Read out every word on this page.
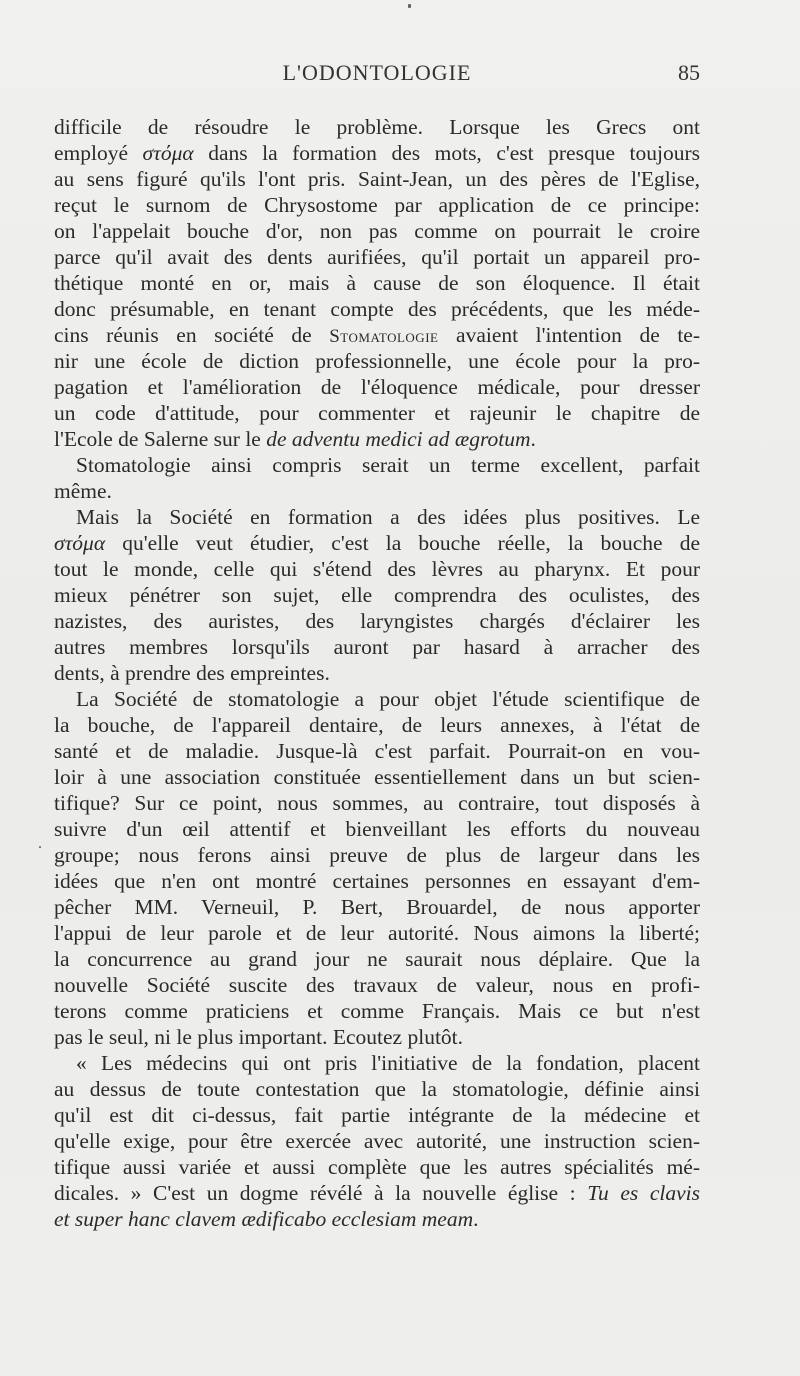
L'ODONTOLOGIE	85
.
difficile de résoudre le problème. Lorsque les Grecs ont
employé στόμα dans la formation des mots, c'est presque toujours
au sens figuré qu'ils l'ont pris. Saint-Jean, un des pères de l'Eglise,
reçut le surnom de Chrysostome par application de ce principe:
on l'appelait bouche d'or, non pas comme on pourrait le croire
parce qu'il avait des dents aurifiées, qu'il portait un appareil pro-
thétique monté en or, mais à cause de son éloquence. Il était
donc présumable, en tenant compte des précédents, que les méde-
cins réunis en société de Stomatologie avaient l'intention de te-
nir une école de diction professionnelle, une école pour la pro-
pagation et l'amélioration de l'éloquence médicale, pour dresser
un code d'attitude, pour commenter et rajeunir le chapitre de
l'Ecole de Salerne sur le de adventu medici ad ægrotum.
Stomatologie ainsi compris serait un terme excellent, parfait
même.
Mais la Société en formation a des idées plus positives. Le
στόμα qu'elle veut étudier, c'est la bouche réelle, la bouche de
tout le monde, celle qui s'étend des lèvres au pharynx. Et pour
mieux pénétrer son sujet, elle comprendra des oculistes, des
nazistes, des auristes, des laryngistes chargés d'éclairer les
autres membres lorsqu'ils auront par hasard à arracher des
dents, à prendre des empreintes.
La Société de stomatologie a pour objet l'étude scientifique de
la bouche, de l'appareil dentaire, de leurs annexes, à l'état de
santé et de maladie. Jusque-là c'est parfait. Pourrait-on en vou-
loir à une association constituée essentiellement dans un but scien-
tifique? Sur ce point, nous sommes, au contraire, tout disposés à
suivre d'un œil attentif et bienveillant les efforts du nouveau
groupe; nous ferons ainsi preuve de plus de largeur dans les
idées que n'en ont montré certaines personnes en essayant d'em-
pêcher MM. Verneuil, P. Bert, Brouardel, de nous apporter
l'appui de leur parole et de leur autorité. Nous aimons la liberté;
la concurrence au grand jour ne saurait nous déplaire. Que la
nouvelle Société suscite des travaux de valeur, nous en profi-
terons comme praticiens et comme Français. Mais ce but n'est
pas le seul, ni le plus important. Ecoutez plutôt.
« Les médecins qui ont pris l'initiative de la fondation, placent
au dessus de toute contestation que la stomatologie, définie ainsi
qu'il est dit ci-dessus, fait partie intégrante de la médecine et
qu'elle exige, pour être exercée avec autorité, une instruction scien-
tifique aussi variée et aussi complète que les autres spécialités mé-
dicales. » C'est un dogme révélé à la nouvelle église : Tu es clavis
et super hanc clavem ædificabo ecclesiam meam.
